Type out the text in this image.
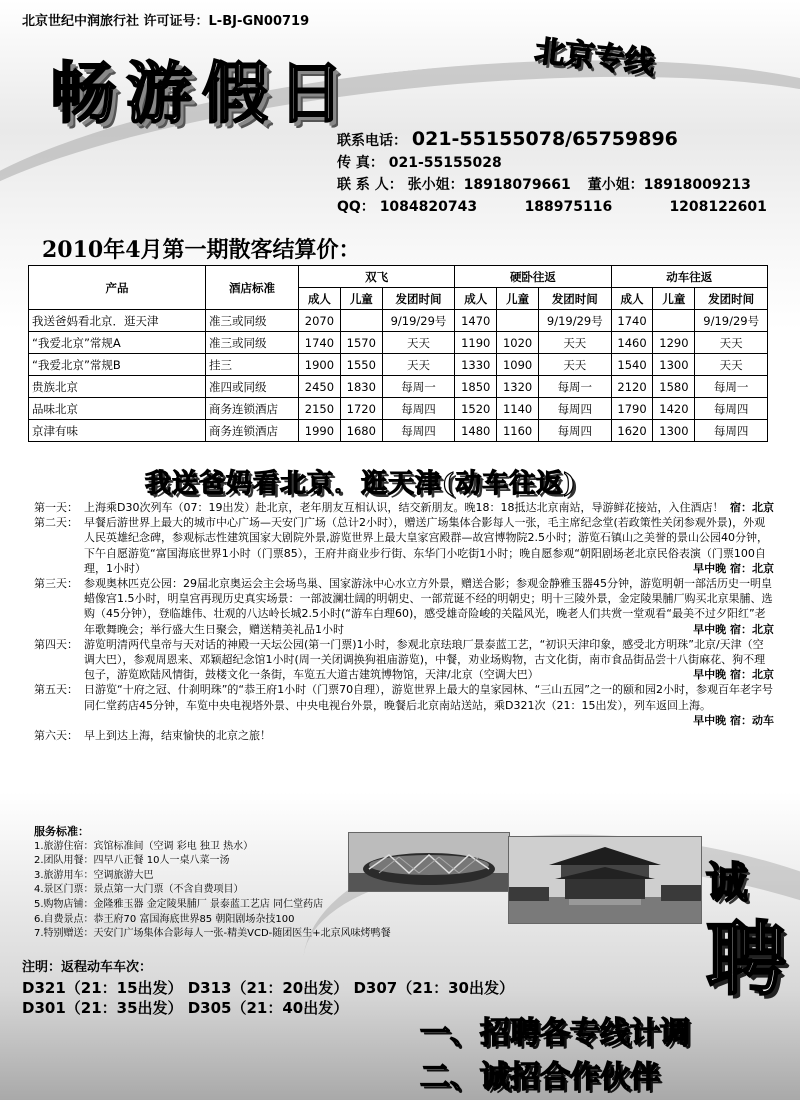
北京世纪中润旅行社 许可证号：L-BJ-GN00719
畅游假日	北京专线
联系电话： 021-55155078/65759896
传 真： 021-55155028
联 系 人： 张小姐：18918079661 董小姐：18918009213
QQ： 1084820743	188975116	1208122601
2010年4月第一期散客结算价：
产品	酒店标准	双飞			硬卧往返			动车往返		
		成人	儿童	发团时间	成人	儿童	发团时间	成人	儿童	发团时间
我送爸妈看北京．逛天津	准三或同级	2070		9/19/29号	1470		9/19/29号	1740		9/19/29号
“我爱北京”常规A	准三或同级	1740	1570	天天	1190	1020	天天	1460	1290	天天
“我爱北京”常规B	挂三	1900	1550	天天	1330	1090	天天	1540	1300	天天
贵族北京	准四或同级	2450	1830	每周一	1850	1320	每周一	2120	1580	每周一
品味北京	商务连锁酒店	2150	1720	每周四	1520	1140	每周四	1790	1420	每周四
京津有味	商务连锁酒店	1990	1680	每周四	1480	1160	每周四	1620	1300	每周四
我送爸妈看北京．逛天津(动车往返)
第一天： 上海乘D30次列车（07：19出发）赴北京，老年朋友互相认识，结交新朋友。晚18：18抵达北京南站，导游鲜花接站，入住酒店！ 宿：北京
第二天： 早餐后游世界上最大的城市中心广场—天安门广场（总计2小时），赠送广场集体合影每人一张，毛主席纪念堂(若政策性关闭参观外景)，外观人民英雄纪念碑，参观标志性建筑国家大剧院外景,游览世界上最大皇家宫殿群—故宫博物院2.5小时；游览石镇山之美誉的景山公园40分钟，下午自愿游览“富国海底世界1小时（门票85），王府井商业步行街、东华门小吃街1小时；晚自愿参观“朝阳剧场老北京民俗表演（门票100自理，1小时）	早中晚 宿：北京
第三天： 参观奥林匹克公园：29届北京奥运会主会场鸟巢、国家游泳中心水立方外景，赠送合影；参观金静雅玉器45分钟，游览明朝一部活历史一明皇蜡像宫1.5小时，明皇宫再现历史真实场景：一部波澜壮阔的明朝史、一部荒诞不经的明朝史；明十三陵外景，金定陵果脯厂购买北京果脯、选购（45分钟），登临雄伟、壮观的八达岭长城2.5小时(“游车白理60)，感受雄奇险峻的关隘风光，晚老人们共赏一堂观看“最美不过夕阳红”老年歌舞晚会；举行盛大生日聚会，赠送精美礼品1小时	早中晚 宿：北京
第四天： 游览明清两代皇帝与天对话的神殿一天坛公园(第一门票)1小时，参观北京珐琅厂景泰蓝工艺，“初识天津印象，感受北方明珠”北京/天津（空调大巴），参观周恩来、邓颖超纪念馆1小时(周一关闭调换狗祖庙游览)，中餐，劝业场购物，古文化街，南市食品街品尝十八街麻花、狗不理包子，游览欧陆风情街，鼓楼文化一条街，车览五大道古建筑博物馆，天津/北京（空调大巴）	早中晚 宿：北京
第五天： 日游览“十府之冠、什刹明珠”的“恭王府1小时（门票70自理），游览世界上最大的皇家园林、“三山五园”之一的颐和园2小时，参观百年老字号同仁堂药店45分钟，车览中央电视塔外景、中央电视台外景，晚餐后北京南站送站，乘D321次（21：15出发），列车返回上海。
早中晚 宿：动车
第六天： 早上到达上海，结束愉快的北京之旅！
服务标准：
1.旅游住宿：宾馆标准间（空调 彩电 独卫 热水）
2.团队用餐：四早八正餐 10人一桌八菜一汤
3.旅游用车：空调旅游大巴
4.景区门票：景点第一大门票（不含自费项目）
5.购物店铺：金隆雅玉器 金定陵果脯厂 景泰蓝工艺店 同仁堂药店
6.自费景点：恭王府70 富国海底世界85 朝阳剧场杂技100
7.特别赠送：天安门广场集体合影每人一张-精美VCD-随团医生+北京风味烤鸭餐
注明：返程动车车次：
D321（21：15出发） D313（21：20出发） D307（21：30出发）
D301（21：35出发） D305（21：40出发）
诚
聘
一、招聘各专线计调
二、诚招合作伙伴
